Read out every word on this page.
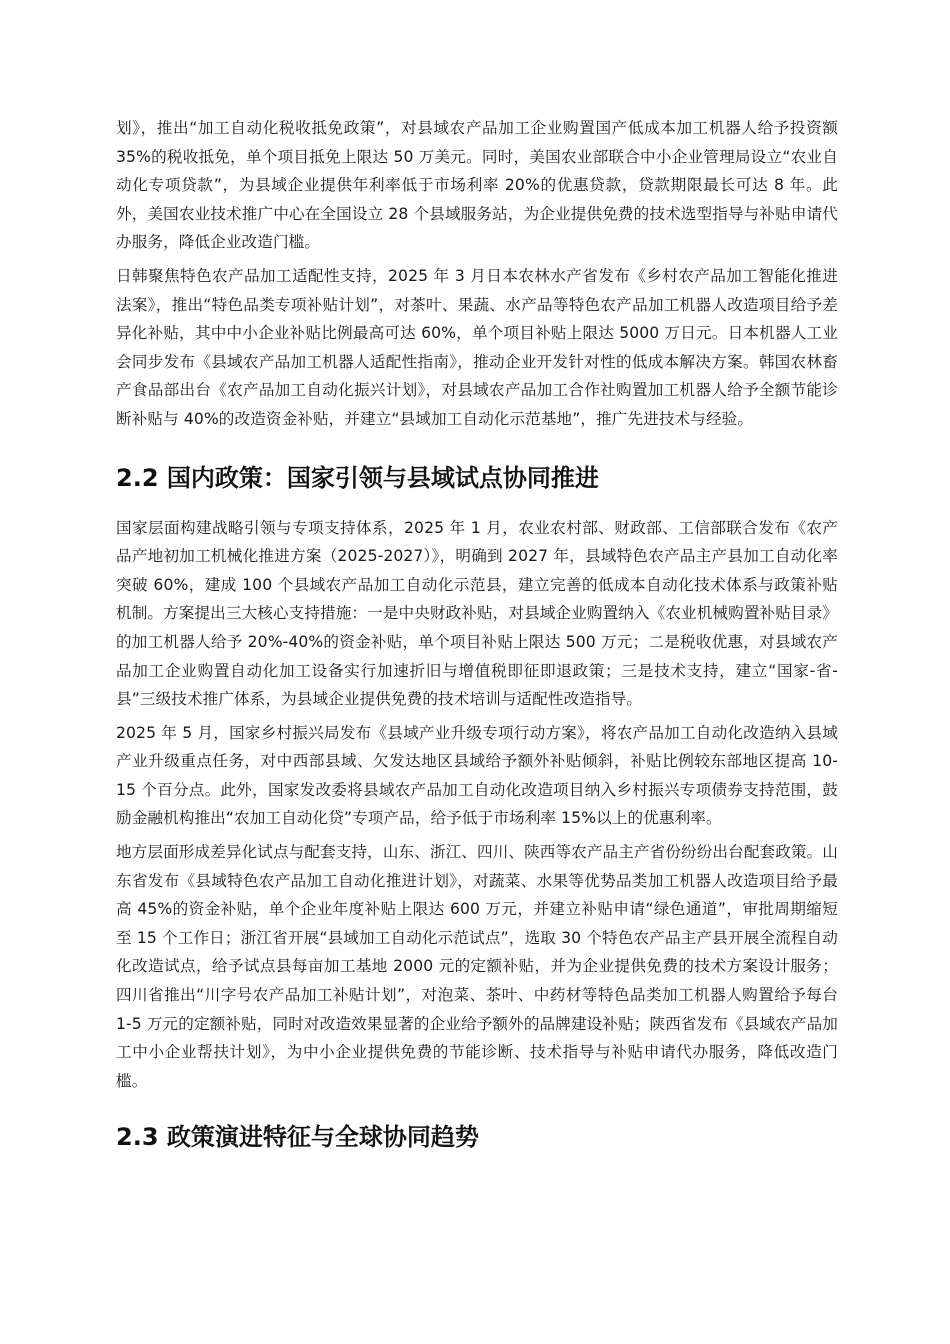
划》，推出“加工自动化税收抵免政策”，对县域农产品加工企业购置国产低成本加工机器人给予投资额 35%的税收抵免，单个项目抵免上限达 50 万美元。同时，美国农业部联合中小企业管理局设立“农业自动化专项贷款”，为县域企业提供年利率低于市场利率 20%的优惠贷款，贷款期限最长可达 8 年。此外，美国农业技术推广中心在全国设立 28 个县域服务站，为企业提供免费的技术选型指导与补贴申请代办服务，降低企业改造门槛。

日韩聚焦特色农产品加工适配性支持，2025 年 3 月日本农林水产省发布《乡村农产品加工智能化推进法案》，推出“特色品类专项补贴计划”，对茶叶、果蔬、水产品等特色农产品加工机器人改造项目给予差异化补贴，其中中小企业补贴比例最高可达 60%，单个项目补贴上限达 5000 万日元。日本机器人工业会同步发布《县域农产品加工机器人适配性指南》，推动企业开发针对性的低成本解决方案。韩国农林畜产食品部出台《农产品加工自动化振兴计划》，对县域农产品加工合作社购置加工机器人给予全额节能诊断补贴与 40%的改造资金补贴，并建立“县域加工自动化示范基地”，推广先进技术与经验。

2.2 国内政策：国家引领与县域试点协同推进

国家层面构建战略引领与专项支持体系，2025 年 1 月，农业农村部、财政部、工信部联合发布《农产品产地初加工机械化推进方案（2025-2027）》，明确到 2027 年，县域特色农产品主产县加工自动化率突破 60%，建成 100 个县域农产品加工自动化示范县，建立完善的低成本自动化技术体系与政策补贴机制。方案提出三大核心支持措施：一是中央财政补贴，对县域企业购置纳入《农业机械购置补贴目录》的加工机器人给予 20%-40%的资金补贴，单个项目补贴上限达 500 万元；二是税收优惠，对县域农产品加工企业购置自动化加工设备实行加速折旧与增值税即征即退政策；三是技术支持，建立“国家-省-县”三级技术推广体系，为县域企业提供免费的技术培训与适配性改造指导。

2025 年 5 月，国家乡村振兴局发布《县域产业升级专项行动方案》，将农产品加工自动化改造纳入县域产业升级重点任务，对中西部县域、欠发达地区县域给予额外补贴倾斜，补贴比例较东部地区提高 10-15 个百分点。此外，国家发改委将县域农产品加工自动化改造项目纳入乡村振兴专项债券支持范围，鼓励金融机构推出“农加工自动化贷”专项产品，给予低于市场利率 15%以上的优惠利率。

地方层面形成差异化试点与配套支持，山东、浙江、四川、陕西等农产品主产省份纷纷出台配套政策。山东省发布《县域特色农产品加工自动化推进计划》，对蔬菜、水果等优势品类加工机器人改造项目给予最高 45%的资金补贴，单个企业年度补贴上限达 600 万元，并建立补贴申请“绿色通道”，审批周期缩短至 15 个工作日；浙江省开展“县域加工自动化示范试点”，选取 30 个特色农产品主产县开展全流程自动化改造试点，给予试点县每亩加工基地 2000 元的定额补贴，并为企业提供免费的技术方案设计服务；四川省推出“川字号农产品加工补贴计划”，对泡菜、茶叶、中药材等特色品类加工机器人购置给予每台 1-5 万元的定额补贴，同时对改造效果显著的企业给予额外的品牌建设补贴；陕西省发布《县域农产品加工中小企业帮扶计划》，为中小企业提供免费的节能诊断、技术指导与补贴申请代办服务，降低改造门槛。

2.3 政策演进特征与全球协同趋势
